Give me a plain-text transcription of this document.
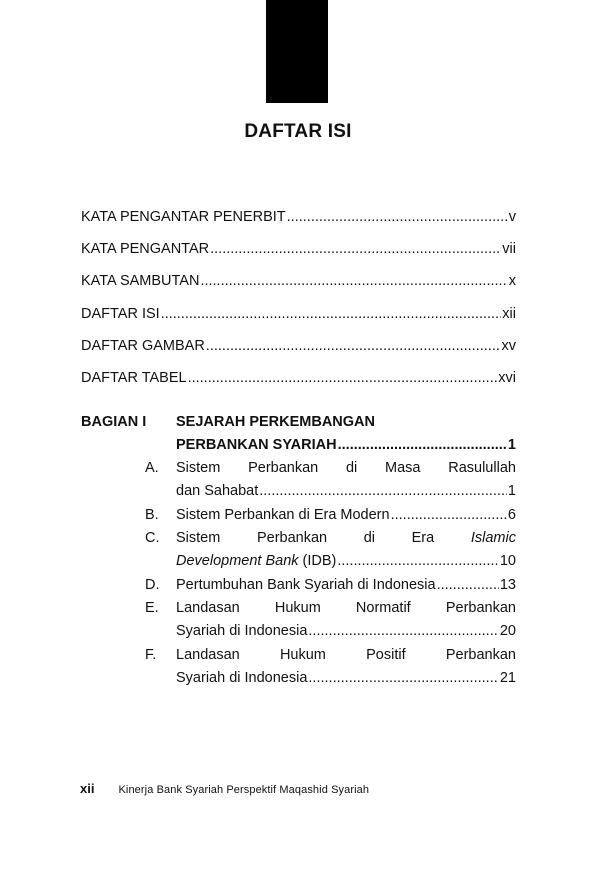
DAFTAR ISI
KATA PENGANTAR PENERBIT .....	v
KATA PENGANTAR .....	vii
KATA SAMBUTAN .....	x
DAFTAR ISI .....	xii
DAFTAR GAMBAR .....	xv
DAFTAR TABEL .....	xvi
BAGIAN I SEJARAH PERKEMBANGAN
PERBANKAN SYARIAH .....	1
A. Sistem Perbankan di Masa Rasulullah
dan Sahabat .....	1
B. Sistem Perbankan di Era Modern .....	6
C. Sistem	Perbankan	di	Era	Islamic
Development Bank (IDB) .....	10
D. Pertumbuhan Bank Syariah di Indonesia .....	13
E. Landasan Hukum Normatif Perbankan
Syariah di Indonesia .....	20
F. Landasan	Hukum	Positif	Perbankan
Syariah di Indonesia .....	21
xii Kinerja Bank Syariah Perspektif Maqashid Syariah
